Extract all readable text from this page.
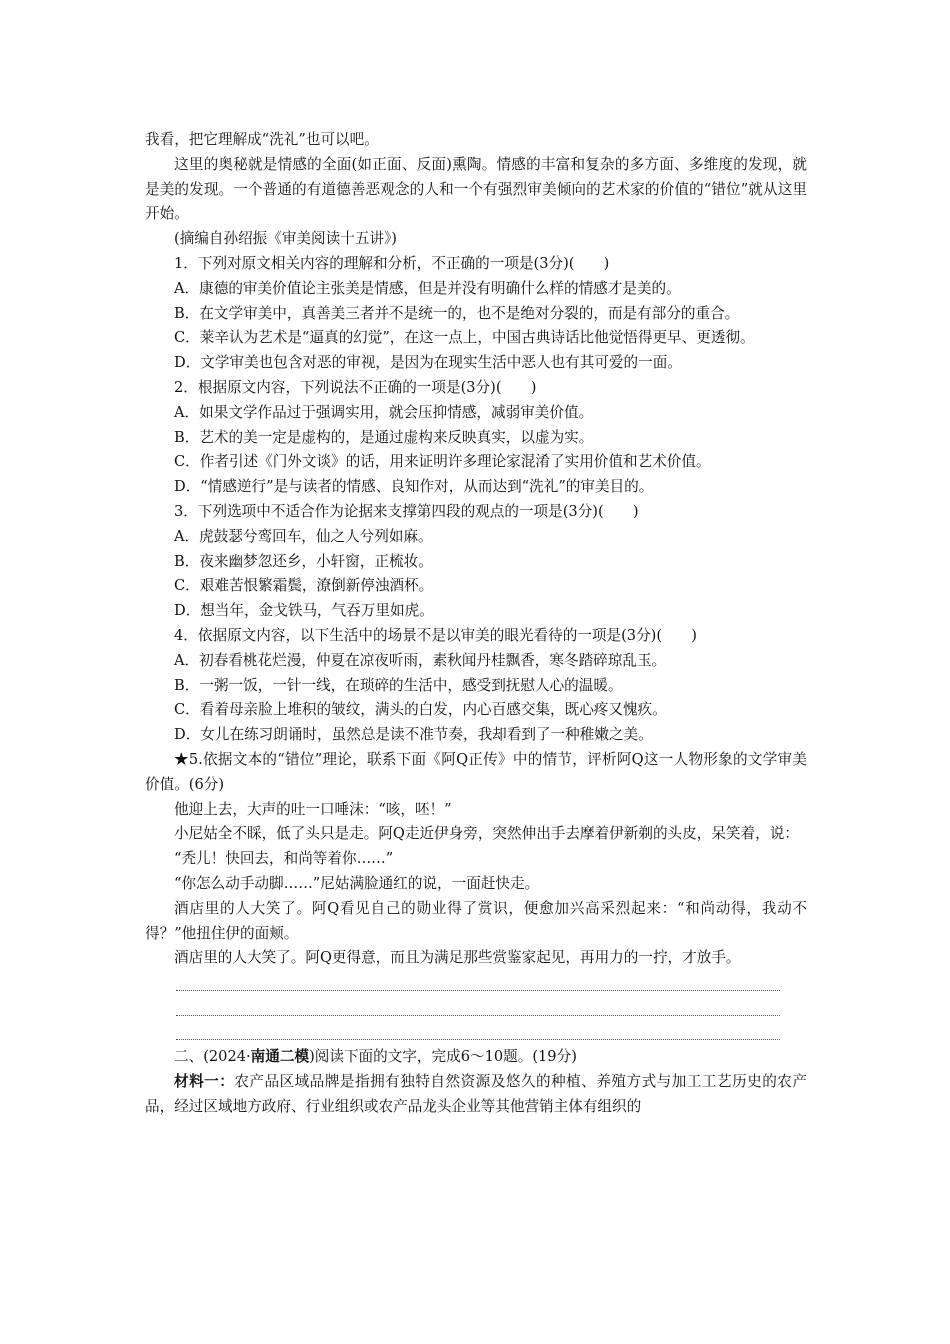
我看，把它理解成“洗礼”也可以吧。

这里的奥秘就是情感的全面(如正面、反面)熏陶。情感的丰富和复杂的多方面、多维度的发现，就是美的发现。一个普通的有道德善恶观念的人和一个有强烈审美倾向的艺术家的价值的“错位”就从这里开始。

(摘编自孙绍振《审美阅读十五讲》)

1．下列对原文相关内容的理解和分析，不正确的一项是(3分)(　　)

A．康德的审美价值论主张美是情感，但是并没有明确什么样的情感才是美的。

B．在文学审美中，真善美三者并不是统一的，也不是绝对分裂的，而是有部分的重合。

C．莱辛认为艺术是“逼真的幻觉”，在这一点上，中国古典诗话比他觉悟得更早、更透彻。

D．文学审美也包含对恶的审视，是因为在现实生活中恶人也有其可爱的一面。

2．根据原文内容，下列说法不正确的一项是(3分)(　　)

A．如果文学作品过于强调实用，就会压抑情感，减弱审美价值。

B．艺术的美一定是虚构的，是通过虚构来反映真实，以虚为实。

C．作者引述《门外文谈》的话，用来证明许多理论家混淆了实用价值和艺术价值。

D．“情感逆行”是与读者的情感、良知作对，从而达到“洗礼”的审美目的。

3．下列选项中不适合作为论据来支撑第四段的观点的一项是(3分)(　　)

A．虎鼓瑟兮鸾回车，仙之人兮列如麻。

B．夜来幽梦忽还乡，小轩窗，正梳妆。

C．艰难苦恨繁霜鬓，潦倒新停浊酒杯。

D．想当年，金戈铁马，气吞万里如虎。

4．依据原文内容，以下生活中的场景不是以审美的眼光看待的一项是(3分)(　　)

A．初春看桃花烂漫，仲夏在凉夜听雨，素秋闻丹桂飘香，寒冬踏碎琼乱玉。

B．一粥一饭，一针一线，在琐碎的生活中，感受到抚慰人心的温暖。

C．看着母亲脸上堆积的皱纹，满头的白发，内心百感交集，既心疼又愧疚。

D．女儿在练习朗诵时，虽然总是读不准节奏，我却看到了一种稚嫩之美。

★5.依据文本的“错位”理论，联系下面《阿Q正传》中的情节，评析阿Q这一人物形象的文学审美价值。(6分)

他迎上去，大声的吐一口唾沫：“咳，呸！”

小尼姑全不睬，低了头只是走。阿Q走近伊身旁，突然伸出手去摩着伊新剃的头皮，呆笑着，说：

“秃儿！快回去，和尚等着你……”

“你怎么动手动脚……”尼姑满脸通红的说，一面赶快走。

酒店里的人大笑了。阿Q看见自己的勋业得了赏识，便愈加兴高采烈起来：“和尚动得，我动不得？”他扭住伊的面颊。

酒店里的人大笑了。阿Q更得意，而且为满足那些赏鉴家起见，再用力的一拧，才放手。

二、(2024·南通二模)阅读下面的文字，完成6～10题。(19分)

材料一：农产品区域品牌是指拥有独特自然资源及悠久的种植、养殖方式与加工工艺历史的农产品，经过区域地方政府、行业组织或农产品龙头企业等其他营销主体有组织的
